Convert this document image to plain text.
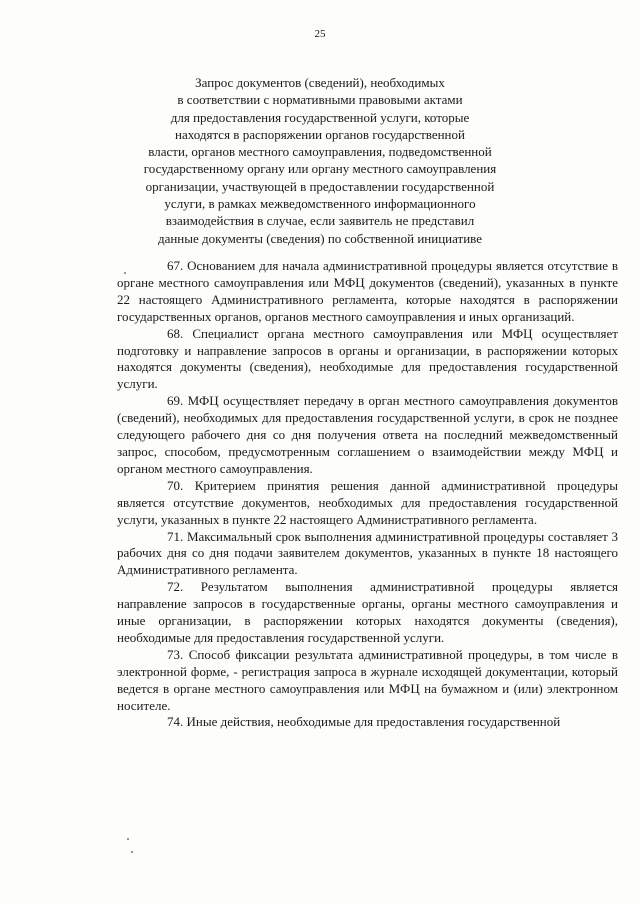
25
Запрос документов (сведений), необходимых
в соответствии с нормативными правовыми актами
для предоставления государственной услуги, которые
находятся в распоряжении органов государственной
власти, органов местного самоуправления, подведомственной
государственному органу или органу местного самоуправления
организации, участвующей в предоставлении государственной
услуги, в рамках межведомственного информационного
взаимодействия в случае, если заявитель не представил
данные документы (сведения) по собственной инициативе

67. Основанием для начала административной процедуры является отсутствие в органе местного самоуправления или МФЦ документов (сведений), указанных в пункте 22 настоящего Административного регламента, которые находятся в распоряжении государственных органов, органов местного самоуправления и иных организаций.

68. Специалист органа местного самоуправления или МФЦ осуществляет подготовку и направление запросов в органы и организации, в распоряжении которых находятся документы (сведения), необходимые для предоставления государственной услуги.

69. МФЦ осуществляет передачу в орган местного самоуправления документов (сведений), необходимых для предоставления государственной услуги, в срок не позднее следующего рабочего дня со дня получения ответа на последний межведомственный запрос, способом, предусмотренным соглашением о взаимодействии между МФЦ и органом местного самоуправления.

70. Критерием принятия решения данной административной процедуры является отсутствие документов, необходимых для предоставления государственной услуги, указанных в пункте 22 настоящего Административного регламента.

71. Максимальный срок выполнения административной процедуры составляет 3 рабочих дня со дня подачи заявителем документов, указанных в пункте 18 настоящего Административного регламента.

72. Результатом выполнения административной процедуры является направление запросов в государственные органы, органы местного самоуправления и иные организации, в распоряжении которых находятся документы (сведения), необходимые для предоставления государственной услуги.

73. Способ фиксации результата административной процедуры, в том числе в электронной форме, - регистрация запроса в журнале исходящей документации, который ведется в органе местного самоуправления или МФЦ на бумажном и (или) электронном носителе.

74. Иные действия, необходимые для предоставления государственной
